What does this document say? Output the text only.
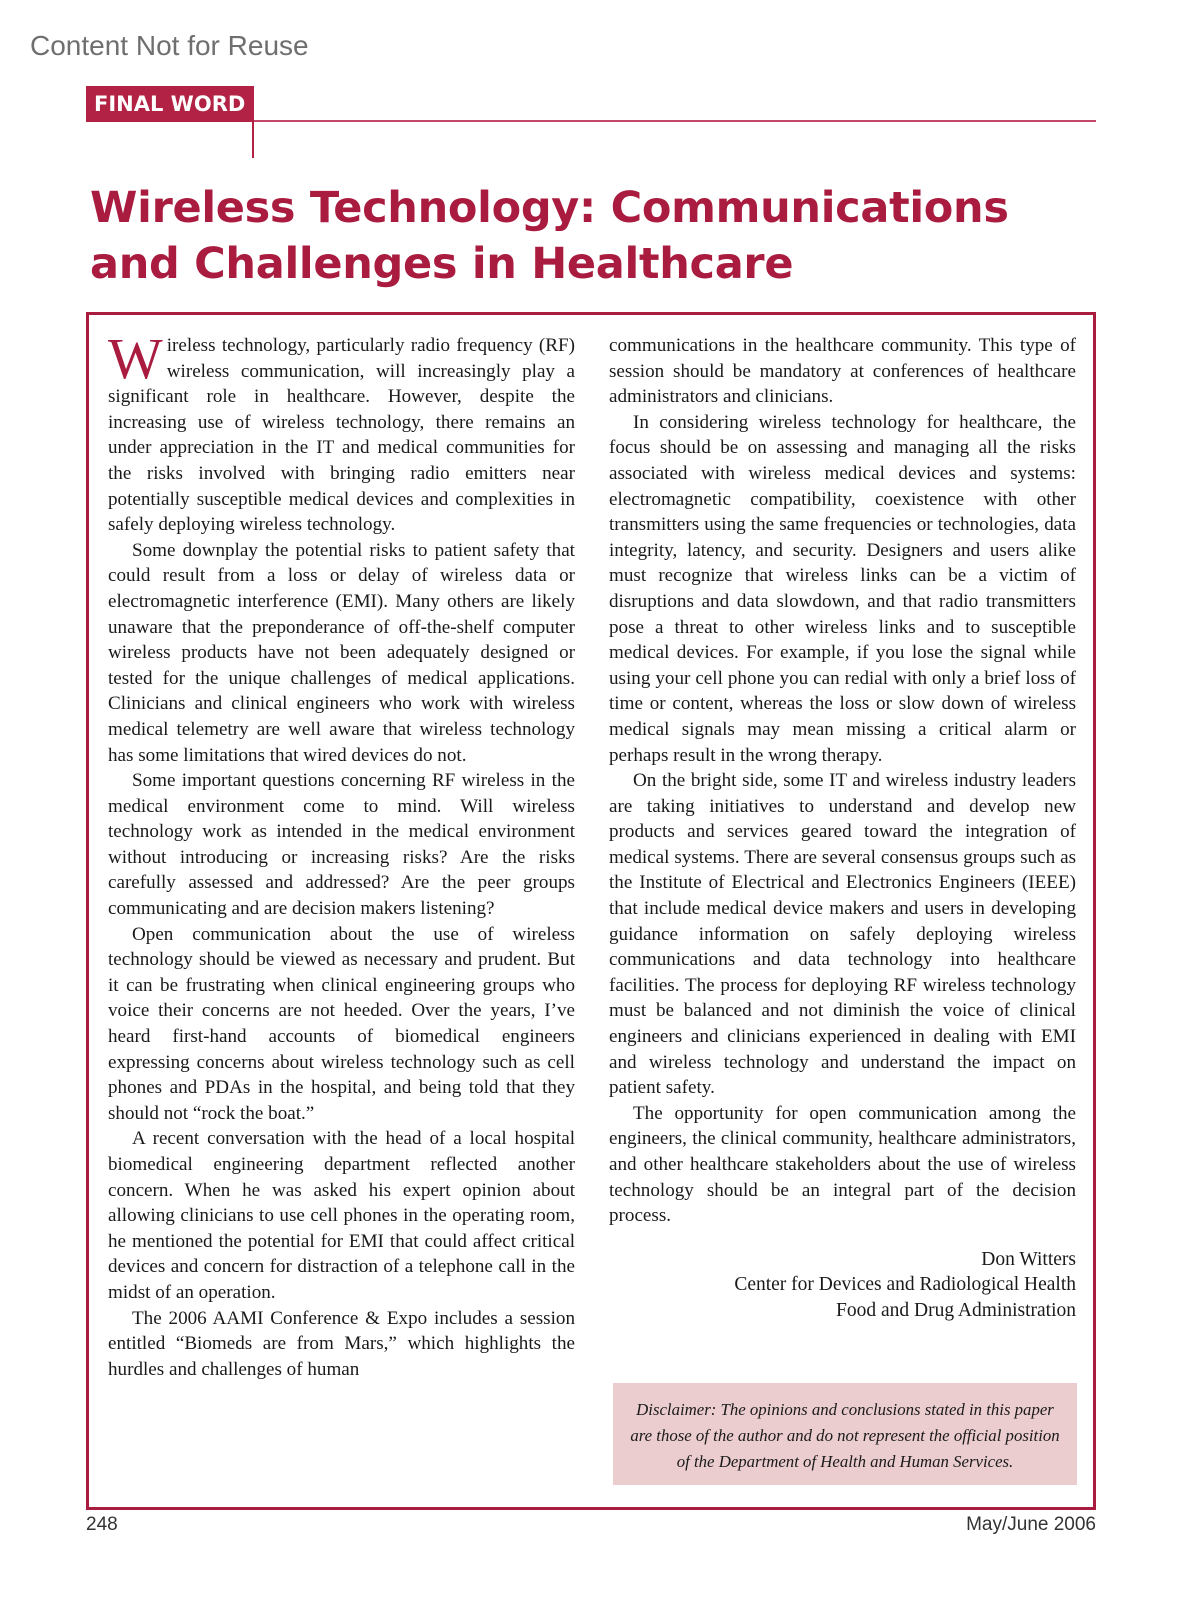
Content Not for Reuse
FINAL WORD
Wireless Technology: Communications
and Challenges in Healthcare

Wireless technology, particularly radio frequency (RF) wireless communication, will increasingly play a significant role in healthcare. However, despite the increasing use of wireless technology, there remains an under appreciation in the IT and medical communities for the risks involved with bringing radio emitters near potentially susceptible medical devices and complexities in safely deploying wireless technology.

Some downplay the potential risks to patient safety that could result from a loss or delay of wireless data or electromagnetic interference (EMI). Many others are likely unaware that the preponderance of off-the-shelf computer wireless products have not been adequately designed or tested for the unique challenges of medical applications. Clinicians and clinical engineers who work with wireless medical telemetry are well aware that wireless technology has some limitations that wired devices do not.

Some important questions concerning RF wireless in the medical environment come to mind. Will wireless technology work as intended in the medical environment without introducing or increasing risks? Are the risks carefully assessed and addressed? Are the peer groups communicating and are decision makers listening?

Open communication about the use of wireless technology should be viewed as necessary and prudent. But it can be frustrating when clinical engineering groups who voice their concerns are not heeded. Over the years, I’ve heard first-hand accounts of biomedical engineers expressing concerns about wireless technology such as cell phones and PDAs in the hospital, and being told that they should not “rock the boat.”

A recent conversation with the head of a local hospital biomedical engineering department reflected another concern. When he was asked his expert opinion about allowing clinicians to use cell phones in the operating room, he mentioned the potential for EMI that could affect critical devices and concern for distraction of a telephone call in the midst of an operation.

The 2006 AAMI Conference & Expo includes a session entitled “Biomeds are from Mars,” which highlights the hurdles and challenges of human

communications in the healthcare community. This type of session should be mandatory at conferences of healthcare administrators and clinicians.

In considering wireless technology for healthcare, the focus should be on assessing and managing all the risks associated with wireless medical devices and systems: electromagnetic compatibility, coexistence with other transmitters using the same frequencies or technologies, data integrity, latency, and security. Designers and users alike must recognize that wireless links can be a victim of disruptions and data slowdown, and that radio transmitters pose a threat to other wireless links and to susceptible medical devices. For example, if you lose the signal while using your cell phone you can redial with only a brief loss of time or content, whereas the loss or slow down of wireless medical signals may mean missing a critical alarm or perhaps result in the wrong therapy.

On the bright side, some IT and wireless industry leaders are taking initiatives to understand and develop new products and services geared toward the integration of medical systems. There are several consensus groups such as the Institute of Electrical and Electronics Engineers (IEEE) that include medical device makers and users in developing guidance information on safely deploying wireless communications and data technology into healthcare facilities. The process for deploying RF wireless technology must be balanced and not diminish the voice of clinical engineers and clinicians experienced in dealing with EMI and wireless technology and understand the impact on patient safety.

The opportunity for open communication among the engineers, the clinical community, healthcare administrators, and other healthcare stakeholders about the use of wireless technology should be an integral part of the decision process.

Don Witters
Center for Devices and Radiological Health
Food and Drug Administration
Disclaimer: The opinions and conclusions stated in this paper are those of the author and do not represent the official position of the Department of Health and Human Services.
248	May/June 2006
